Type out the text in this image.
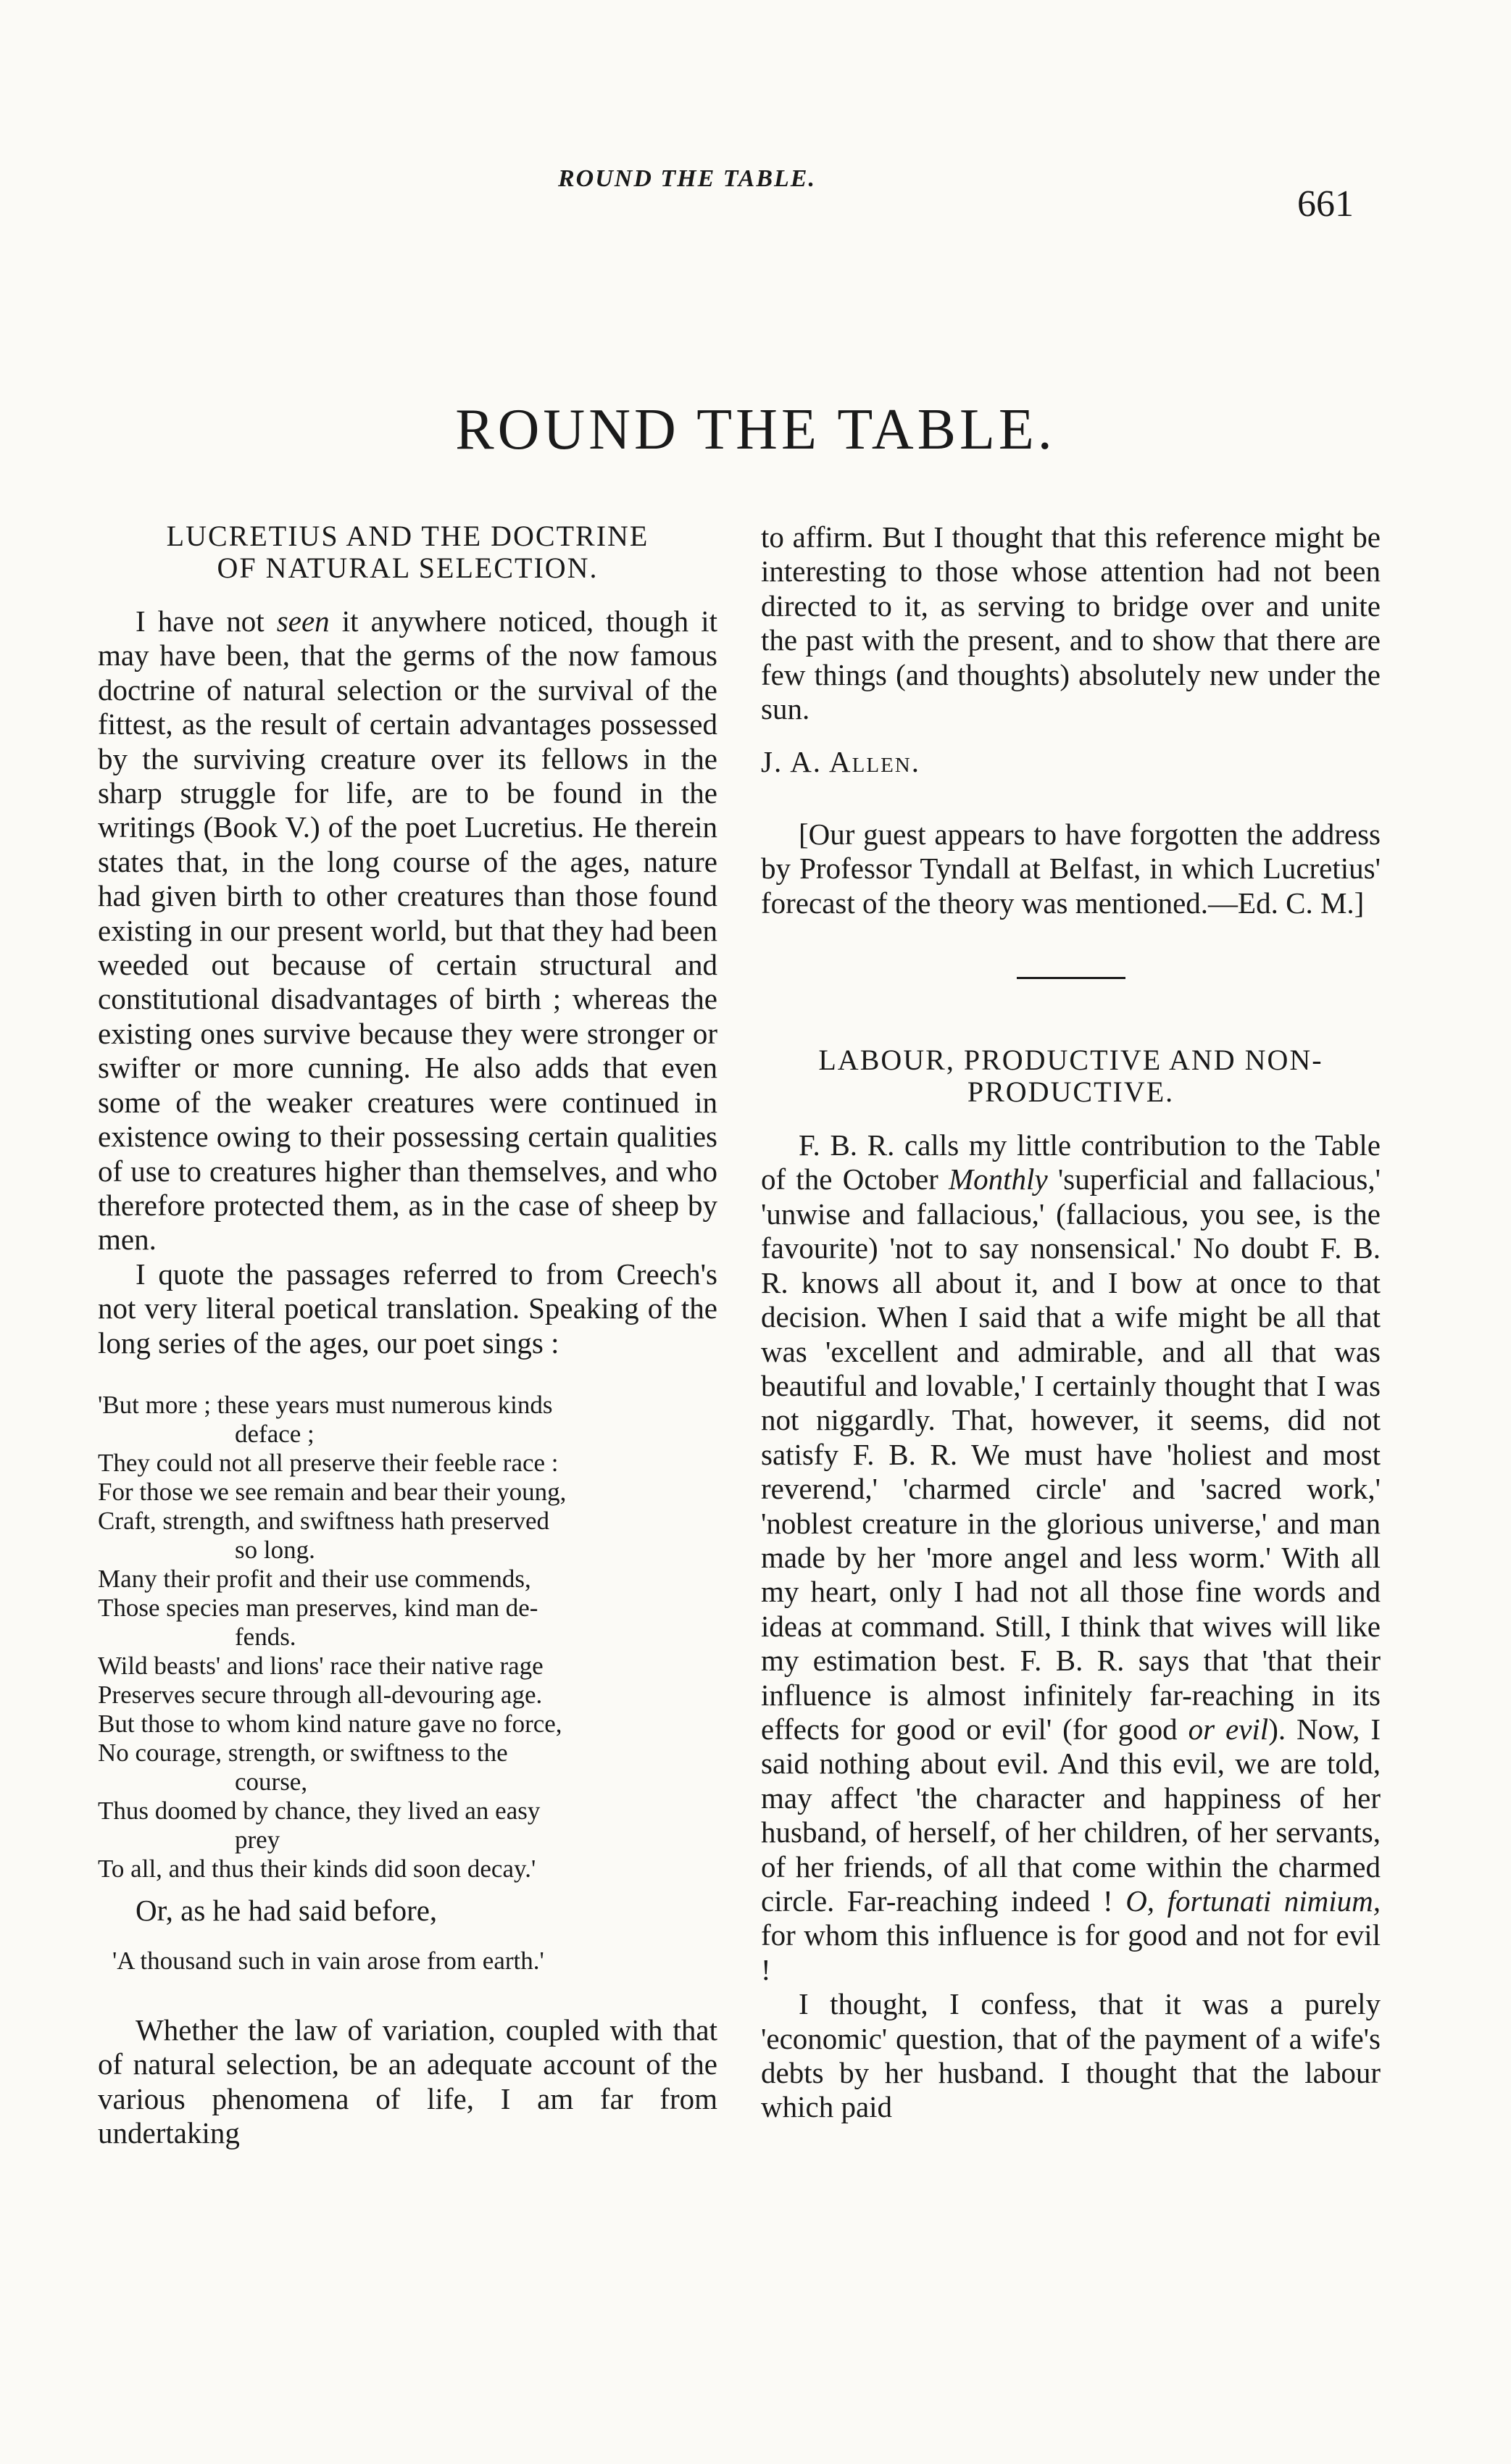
ROUND THE TABLE.
661
ROUND THE TABLE.
LUCRETIUS AND THE DOCTRINE
OF NATURAL SELECTION.

I have not seen it anywhere noticed, though it may have been, that the germs of the now famous doctrine of natural selection or the survival of the fittest, as the result of certain advantages possessed by the surviving creature over its fellows in the sharp struggle for life, are to be found in the writings (Book V.) of the poet Lucretius. He therein states that, in the long course of the ages, nature had given birth to other creatures than those found existing in our present world, but that they had been weeded out because of certain structural and constitutional disadvantages of birth ; whereas the existing ones survive because they were stronger or swifter or more cunning. He also adds that even some of the weaker creatures were continued in existence owing to their possessing certain qualities of use to creatures higher than themselves, and who therefore protected them, as in the case of sheep by men.

I quote the passages referred to from Creech's not very literal poetical translation. Speaking of the long series of the ages, our poet sings :

'But more ; these years must numerous kinds
deface ;
They could not all preserve their feeble race :
For those we see remain and bear their young,
Craft, strength, and swiftness hath preserved
so long.
Many their profit and their use commends,
Those species man preserves, kind man de-
fends.
Wild beasts' and lions' race their native rage
Preserves secure through all-devouring age.
But those to whom kind nature gave no force,
No courage, strength, or swiftness to the
course,
Thus doomed by chance, they lived an easy
prey
To all, and thus their kinds did soon decay.'

Or, as he had said before,

'A thousand such in vain arose from earth.'

Whether the law of variation, coupled with that of natural selection, be an adequate account of the various phenomena of life, I am far from undertaking

to affirm. But I thought that this reference might be interesting to those whose attention had not been directed to it, as serving to bridge over and unite the past with the present, and to show that there are few things (and thoughts) absolutely new under the sun.

J. A. Allen.

[Our guest appears to have forgotten the address by Professor Tyndall at Belfast, in which Lucretius' forecast of the theory was mentioned.—Ed. C. M.]

LABOUR, PRODUCTIVE AND NON-
PRODUCTIVE.

F. B. R. calls my little contribution to the Table of the October Monthly 'superficial and fallacious,' 'unwise and fallacious,' (fallacious, you see, is the favourite) 'not to say nonsensical.' No doubt F. B. R. knows all about it, and I bow at once to that decision. When I said that a wife might be all that was 'excellent and admirable, and all that was beautiful and lovable,' I certainly thought that I was not niggardly. That, however, it seems, did not satisfy F. B. R. We must have 'holiest and most reverend,' 'charmed circle' and 'sacred work,' 'noblest creature in the glorious universe,' and man made by her 'more angel and less worm.' With all my heart, only I had not all those fine words and ideas at command. Still, I think that wives will like my estimation best. F. B. R. says that 'that their influence is almost infinitely far-reaching in its effects for good or evil' (for good or evil). Now, I said nothing about evil. And this evil, we are told, may affect 'the character and happiness of her husband, of herself, of her children, of her servants, of her friends, of all that come within the charmed circle. Far-reaching indeed ! O, fortunati nimium, for whom this influence is for good and not for evil !

I thought, I confess, that it was a purely 'economic' question, that of the payment of a wife's debts by her husband. I thought that the labour which paid
